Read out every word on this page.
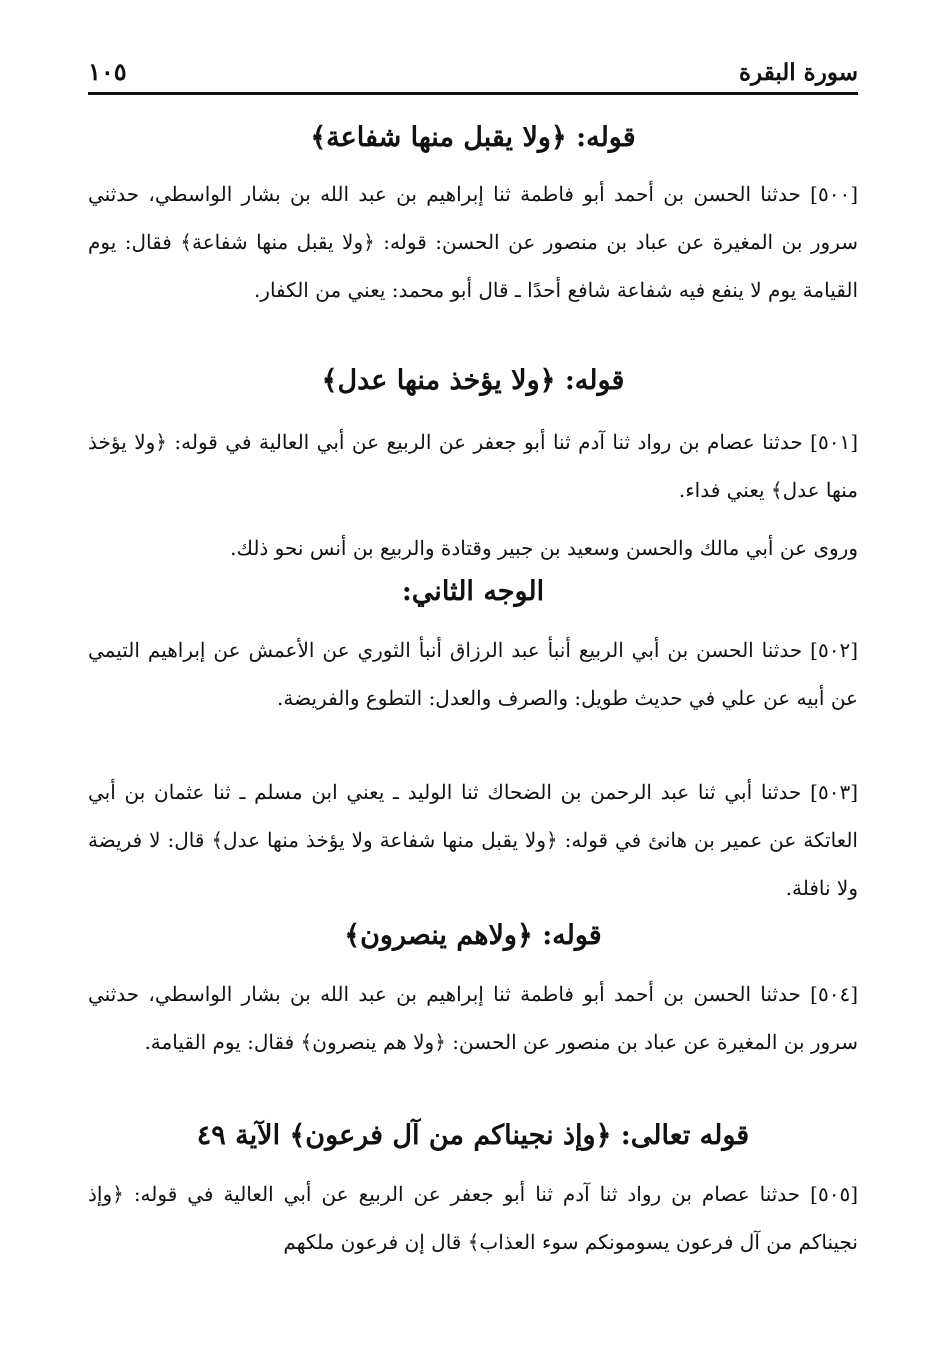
سورة البقرة
١٠٥
قوله: ﴿ولا يقبل منها شفاعة﴾
[٥٠٠] حدثنا الحسن بن أحمد أبو فاطمة ثنا إبراهيم بن عبد الله بن بشار الواسطي، حدثني سرور بن المغيرة عن عباد بن منصور عن الحسن: قوله: ﴿ولا يقبل منها شفاعة﴾ فقال: يوم القيامة يوم لا ينفع فيه شفاعة شافع أحدًا ـ قال أبو محمد: يعني من الكفار.
قوله: ﴿ولا يؤخذ منها عدل﴾
[٥٠١] حدثنا عصام بن رواد ثنا آدم ثنا أبو جعفر عن الربيع عن أبي العالية في قوله: ﴿ولا يؤخذ منها عدل﴾ يعني فداء.
وروى عن أبي مالك والحسن وسعيد بن جبير وقتادة والربيع بن أنس نحو ذلك.
الوجه الثاني:
[٥٠٢] حدثنا الحسن بن أبي الربيع أنبأ عبد الرزاق أنبأ الثوري عن الأعمش عن إبراهيم التيمي عن أبيه عن علي في حديث طويل: والصرف والعدل: التطوع والفريضة.
[٥٠٣] حدثنا أبي ثنا عبد الرحمن بن الضحاك ثنا الوليد ـ يعني ابن مسلم ـ ثنا عثمان بن أبي العاتكة عن عمير بن هانئ في قوله: ﴿ولا يقبل منها شفاعة ولا يؤخذ منها عدل﴾ قال: لا فريضة ولا نافلة.
قوله: ﴿ولاهم ينصرون﴾
[٥٠٤] حدثنا الحسن بن أحمد أبو فاطمة ثنا إبراهيم بن عبد الله بن بشار الواسطي، حدثني سرور بن المغيرة عن عباد بن منصور عن الحسن: ﴿ولا هم ينصرون﴾ فقال: يوم القيامة.
قوله تعالى: ﴿وإذ نجيناكم من آل فرعون﴾ الآية ٤٩
[٥٠٥] حدثنا عصام بن رواد ثنا آدم ثنا أبو جعفر عن الربيع عن أبي العالية في قوله: ﴿وإذ نجيناكم من آل فرعون يسومونكم سوء العذاب﴾ قال إن فرعون ملكهم
